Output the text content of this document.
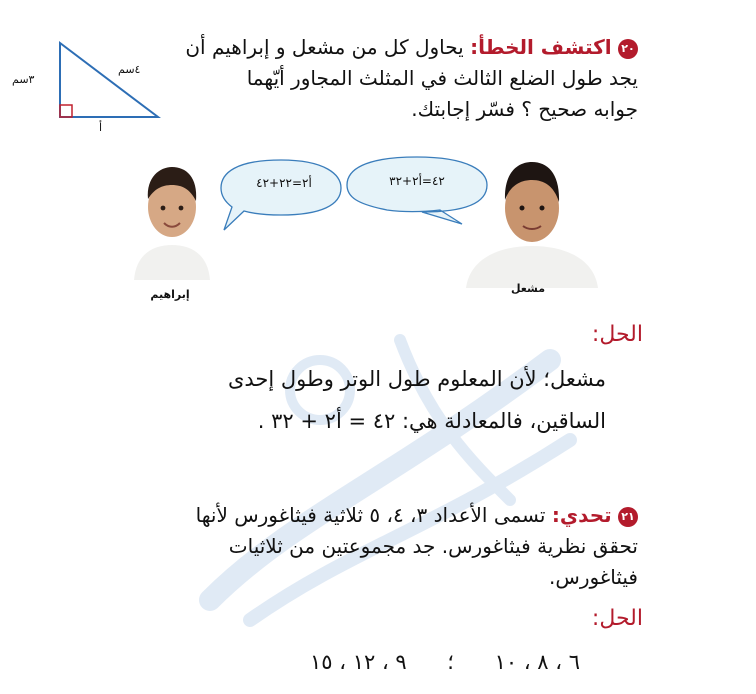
٢٠ اكتشف الخطأ: يحاول كل من مشعل و إبراهيم أن
يجد طول الضلع الثالث في المثلث المجاور أيّهما
جوابه صحيح ؟ فسّر إجابتك.
٣سم
٤سم
أ
أ٢=٢٢+٤٢	٤٢=أ٢+٣٢
إبراهيم	مشعل
الحل:
مشعل؛ لأن المعلوم طول الوتر وطول إحدى
الساقين، فالمعادلة هي: ٤٢ = أ٢ + ٣٢ .
٢١ تحدي: تسمى الأعداد ٣، ٤، ٥ ثلاثية فيثاغورس لأنها
تحقق نظرية فيثاغورس. جد مجموعتين من ثلاثيات
فيثاغورس.
الحل:
٩ ، ١٢ ، ١٥ ؛ ٦ ، ٨ ، ١٠
